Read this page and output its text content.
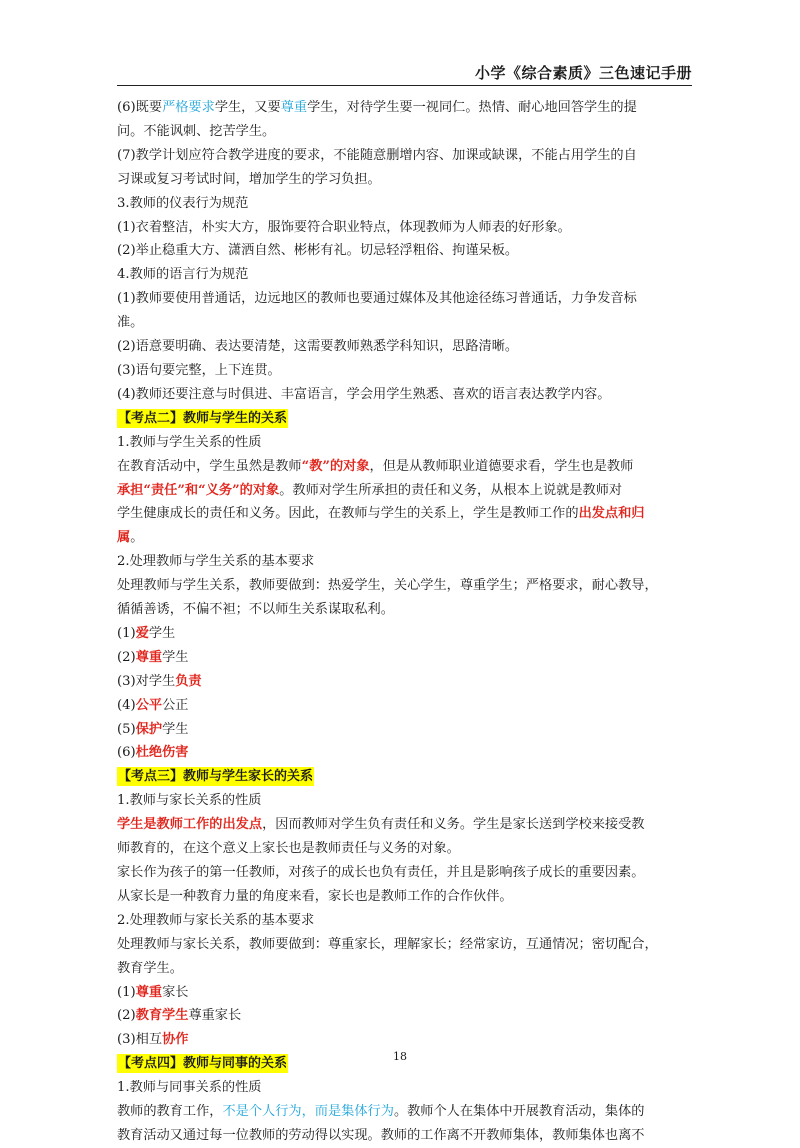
小学《综合素质》三色速记手册
(6)既要严格要求学生，又要尊重学生，对待学生要一视同仁。热情、耐心地回答学生的提
问。不能讽刺、挖苦学生。
(7)教学计划应符合教学进度的要求，不能随意删增内容、加课或缺课，不能占用学生的自
习课或复习考试时间，增加学生的学习负担。
3.教师的仪表行为规范
(1)衣着整洁，朴实大方，服饰要符合职业特点，体现教师为人师表的好形象。
(2)举止稳重大方、潇洒自然、彬彬有礼。切忌轻浮粗俗、拘谨呆板。
4.教师的语言行为规范
(1)教师要使用普通话，边远地区的教师也要通过媒体及其他途径练习普通话，力争发音标
准。
(2)语意要明确、表达要清楚，这需要教师熟悉学科知识，思路清晰。
(3)语句要完整，上下连贯。
(4)教师还要注意与时俱进、丰富语言，学会用学生熟悉、喜欢的语言表达教学内容。
【考点二】教师与学生的关系
1.教师与学生关系的性质
在教育活动中，学生虽然是教师“教”的对象，但是从教师职业道德要求看，学生也是教师
承担“责任”和“义务”的对象。教师对学生所承担的责任和义务，从根本上说就是教师对
学生健康成长的责任和义务。因此，在教师与学生的关系上，学生是教师工作的出发点和归
属。
2.处理教师与学生关系的基本要求
处理教师与学生关系，教师要做到：热爱学生，关心学生，尊重学生；严格要求，耐心教导，
循循善诱，不偏不袒；不以师生关系谋取私利。
(1)爱学生
(2)尊重学生
(3)对学生负责
(4)公平公正
(5)保护学生
(6)杜绝伤害
【考点三】教师与学生家长的关系
1.教师与家长关系的性质
学生是教师工作的出发点，因而教师对学生负有责任和义务。学生是家长送到学校来接受教
师教育的，在这个意义上家长也是教师责任与义务的对象。
家长作为孩子的第一任教师，对孩子的成长也负有责任，并且是影响孩子成长的重要因素。
从家长是一种教育力量的角度来看，家长也是教师工作的合作伙伴。
2.处理教师与家长关系的基本要求
处理教师与家长关系，教师要做到：尊重家长，理解家长；经常家访，互通情况；密切配合，
教育学生。
(1)尊重家长
(2)教育学生尊重家长
(3)相互协作
【考点四】教师与同事的关系
1.教师与同事关系的性质
教师的教育工作，不是个人行为，而是集体行为。教师个人在集体中开展教育活动，集体的
教育活动又通过每一位教师的劳动得以实现。教师的工作离不开教师集体，教师集体也离不
18
